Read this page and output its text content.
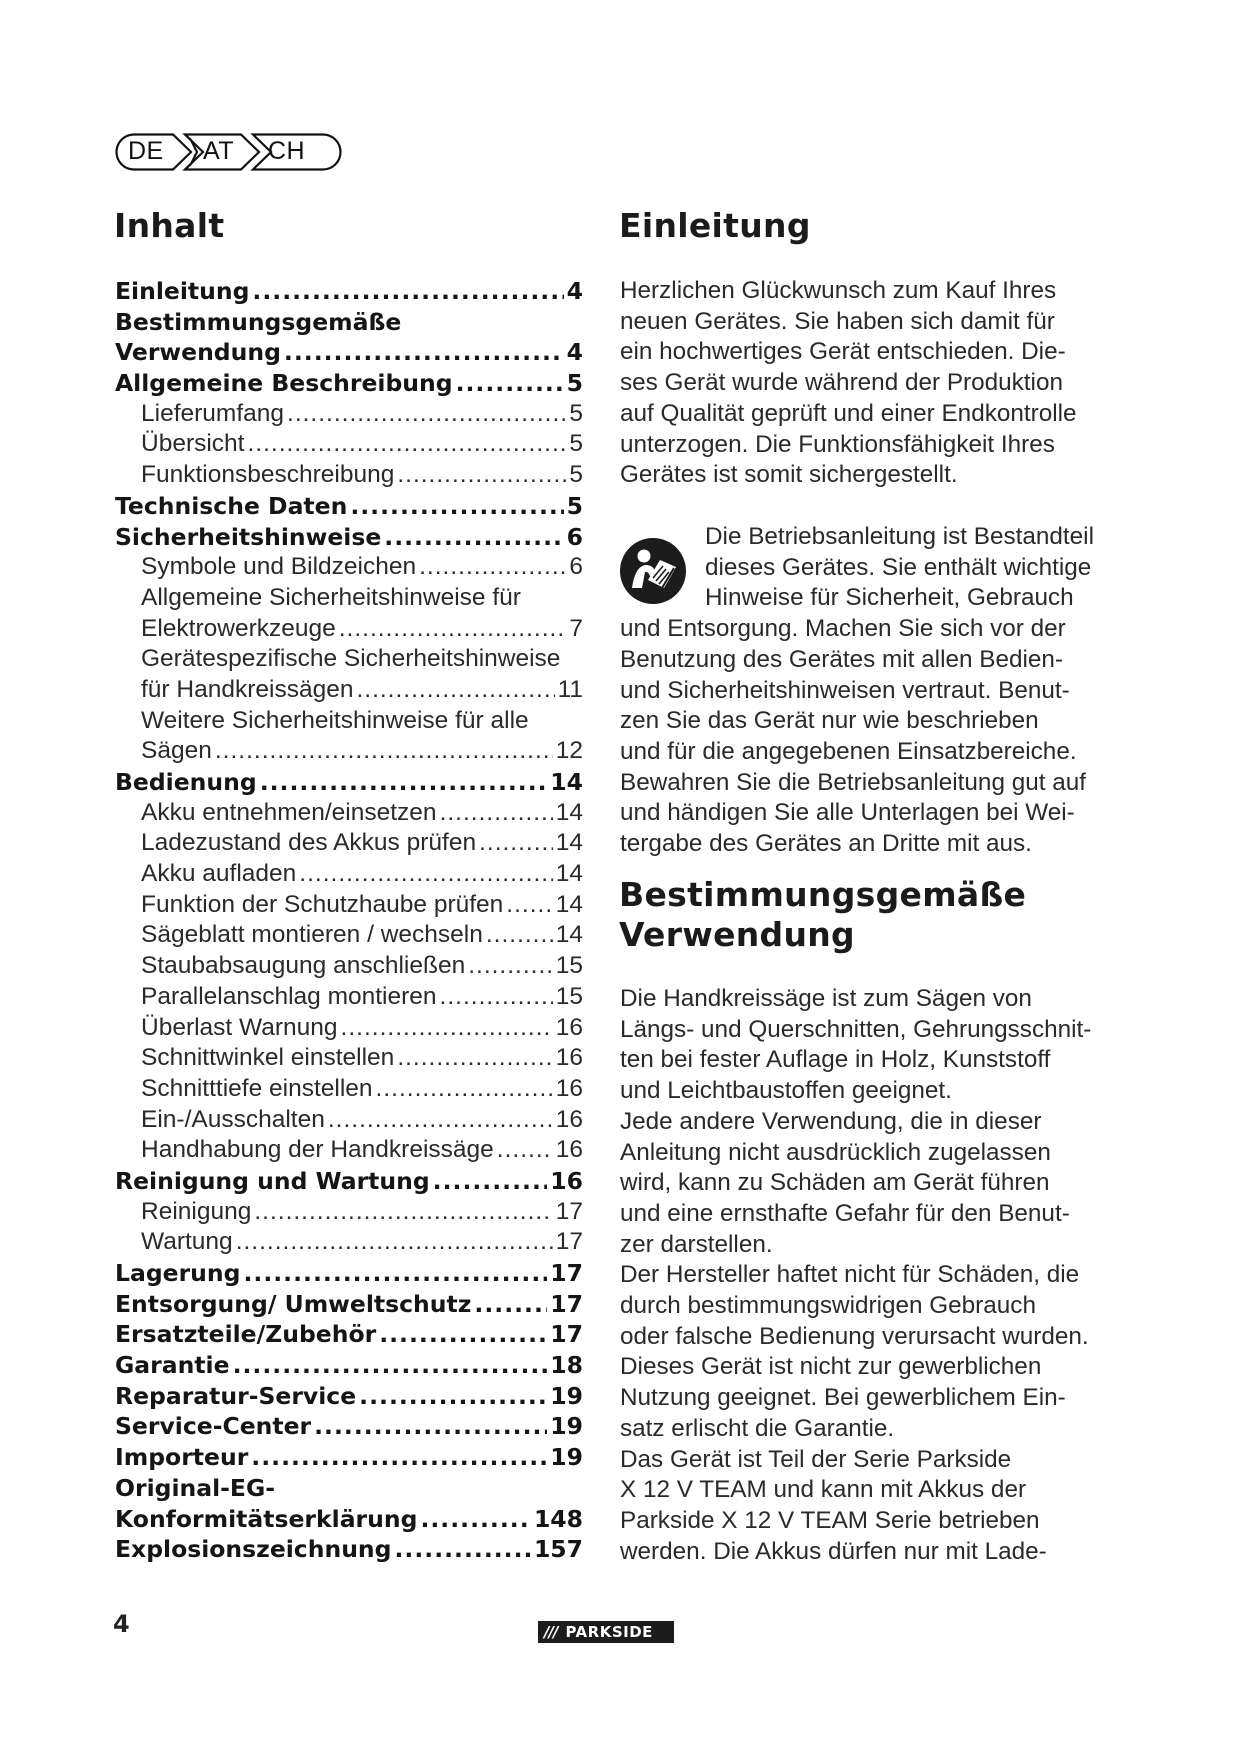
DE AT CH
Inhalt
Einleitung .....	4
Bestimmungsgemäße
Verwendung .....	4
Allgemeine Beschreibung .....	5
Lieferumfang .....	5
Übersicht .....	5
Funktionsbeschreibung .....	5
Technische Daten .....	5
Sicherheitshinweise .....	6
Symbole und Bildzeichen .....	6
Allgemeine Sicherheitshinweise für
Elektrowerkzeuge .....	7
Gerätespezifische Sicherheitshinweise
für Handkreissägen .....	11
Weitere Sicherheitshinweise für alle
Sägen .....	12
Bedienung .....	14
Akku entnehmen/einsetzen .....	14
Ladezustand des Akkus prüfen .....	14
Akku aufladen .....	14
Funktion der Schutzhaube prüfen ..... 14
Sägeblatt montieren / wechseln .....	14
Staubabsaugung anschließen .....	15
Parallelanschlag montieren .....	15
Überlast Warnung .....	16
Schnittwinkel einstellen .....	16
Schnitttiefe einstellen .....	16
Ein-/Ausschalten .....	16
Handhabung der Handkreissäge .....	16
Reinigung und Wartung .....	16
Reinigung .....	17
Wartung .....	17
Lagerung .....	17
Entsorgung/ Umweltschutz .....	17
Ersatzteile/Zubehör .....	17
Garantie .....	18
Reparatur-Service .....	19
Service-Center .....	19
Importeur .....	19
Original-EG-
Konformitätserklärung .....	148
Explosionszeichnung .....	157
Einleitung
Herzlichen Glückwunsch zum Kauf Ihres
neuen Gerätes. Sie haben sich damit für
ein hochwertiges Gerät entschieden. Die-
ses Gerät wurde während der Produktion
auf Qualität geprüft und einer Endkontrolle
unterzogen. Die Funktionsfähigkeit Ihres
Gerätes ist somit sichergestellt.
Die Betriebsanleitung ist Bestandteil
dieses Gerätes. Sie enthält wichtige
Hinweise für Sicherheit, Gebrauch
und Entsorgung. Machen Sie sich vor der
Benutzung des Gerätes mit allen Bedien-
und Sicherheitshinweisen vertraut. Benut-
zen Sie das Gerät nur wie beschrieben
und für die angegebenen Einsatzbereiche.
Bewahren Sie die Betriebsanleitung gut auf
und händigen Sie alle Unterlagen bei Wei-
tergabe des Gerätes an Dritte mit aus.
Bestimmungsgemäße
Verwendung
Die Handkreissäge ist zum Sägen von
Längs- und Querschnitten, Gehrungsschnit-
ten bei fester Auflage in Holz, Kunststoff
und Leichtbaustoffen geeignet.
Jede andere Verwendung, die in dieser
Anleitung nicht ausdrücklich zugelassen
wird, kann zu Schäden am Gerät führen
und eine ernsthafte Gefahr für den Benut-
zer darstellen.
Der Hersteller haftet nicht für Schäden, die
durch bestimmungswidrigen Gebrauch
oder falsche Bedienung verursacht wurden.
Dieses Gerät ist nicht zur gewerblichen
Nutzung geeignet. Bei gewerblichem Ein-
satz erlischt die Garantie.
Das Gerät ist Teil der Serie Parkside
X 12 V TEAM und kann mit Akkus der
Parkside X 12 V TEAM Serie betrieben
werden. Die Akkus dürfen nur mit Lade-
4	/// PARKSIDE
